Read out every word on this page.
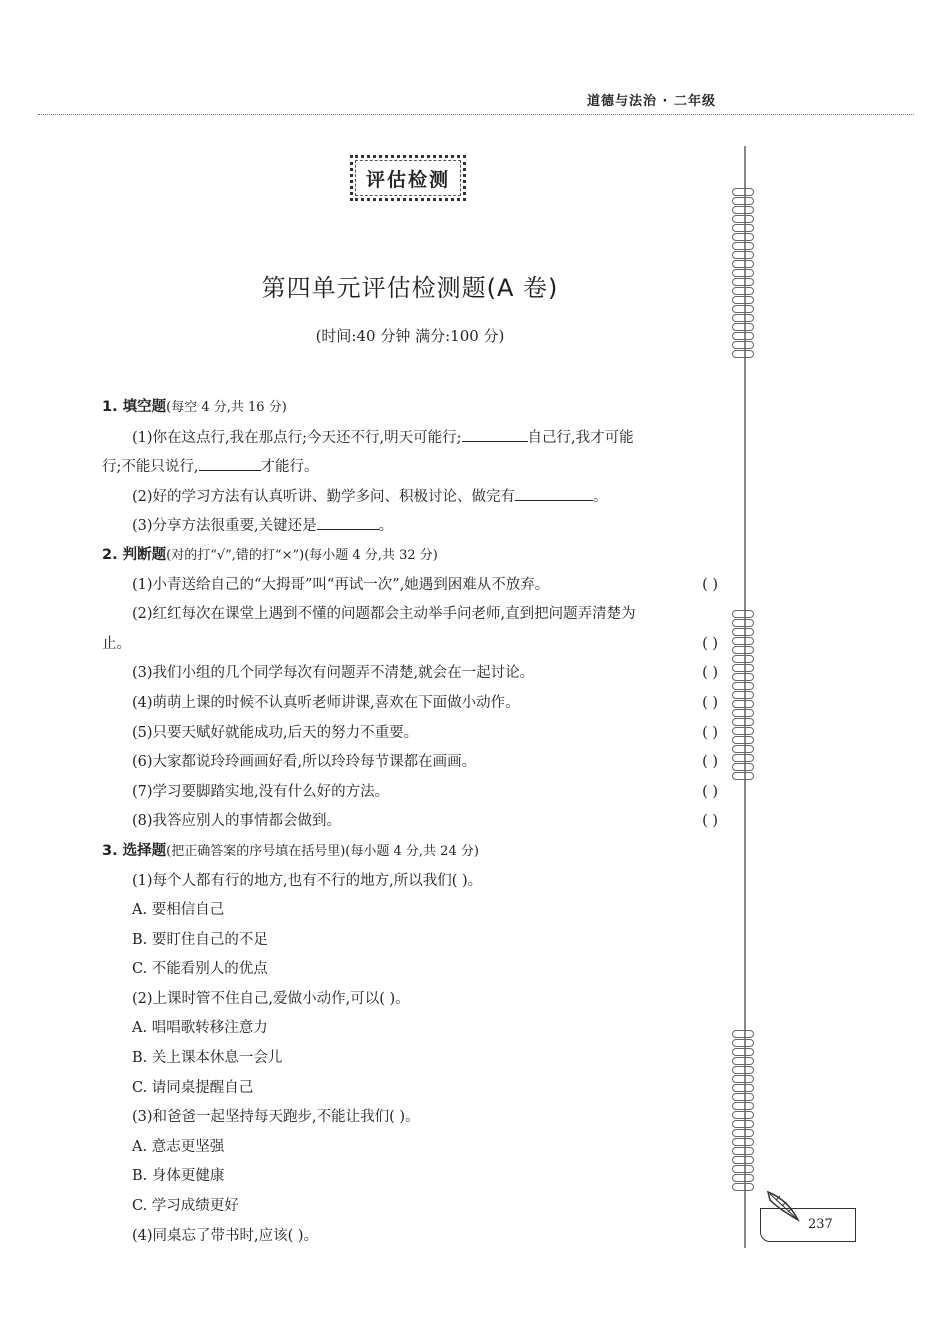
道德与法治 · 二年级
评估检测
第四单元评估检测题(A 卷)
(时间:40 分钟 满分:100 分)
1. 填空题(每空 4 分,共 16 分)
(1)你在这点行,我在那点行;今天还不行,明天可能行;	自己行,我才可能
行;不能只说行,	才能行。
(2)好的学习方法有认真听讲、勤学多问、积极讨论、做完有	。
(3)分享方法很重要,关键还是	。
2. 判断题(对的打“√”,错的打“×”)(每小题 4 分,共 32 分)
(1)小青送给自己的“大拇哥”叫“再试一次”,她遇到困难从不放弃。	( )
(2)红红每次在课堂上遇到不懂的问题都会主动举手问老师,直到把问题弄清楚为
止。	( )
(3)我们小组的几个同学每次有问题弄不清楚,就会在一起讨论。	( )
(4)萌萌上课的时候不认真听老师讲课,喜欢在下面做小动作。	( )
(5)只要天赋好就能成功,后天的努力不重要。	( )
(6)大家都说玲玲画画好看,所以玲玲每节课都在画画。	( )
(7)学习要脚踏实地,没有什么好的方法。	( )
(8)我答应别人的事情都会做到。	( )
3. 选择题(把正确答案的序号填在括号里)(每小题 4 分,共 24 分)
(1)每个人都有行的地方,也有不行的地方,所以我们( )。
A. 要相信自己
B. 要盯住自己的不足
C. 不能看别人的优点
(2)上课时管不住自己,爱做小动作,可以( )。
A. 唱唱歌转移注意力
B. 关上课本休息一会儿
C. 请同桌提醒自己
(3)和爸爸一起坚持每天跑步,不能让我们( )。
A. 意志更坚强
B. 身体更健康
C. 学习成绩更好
(4)同桌忘了带书时,应该( )。
237
